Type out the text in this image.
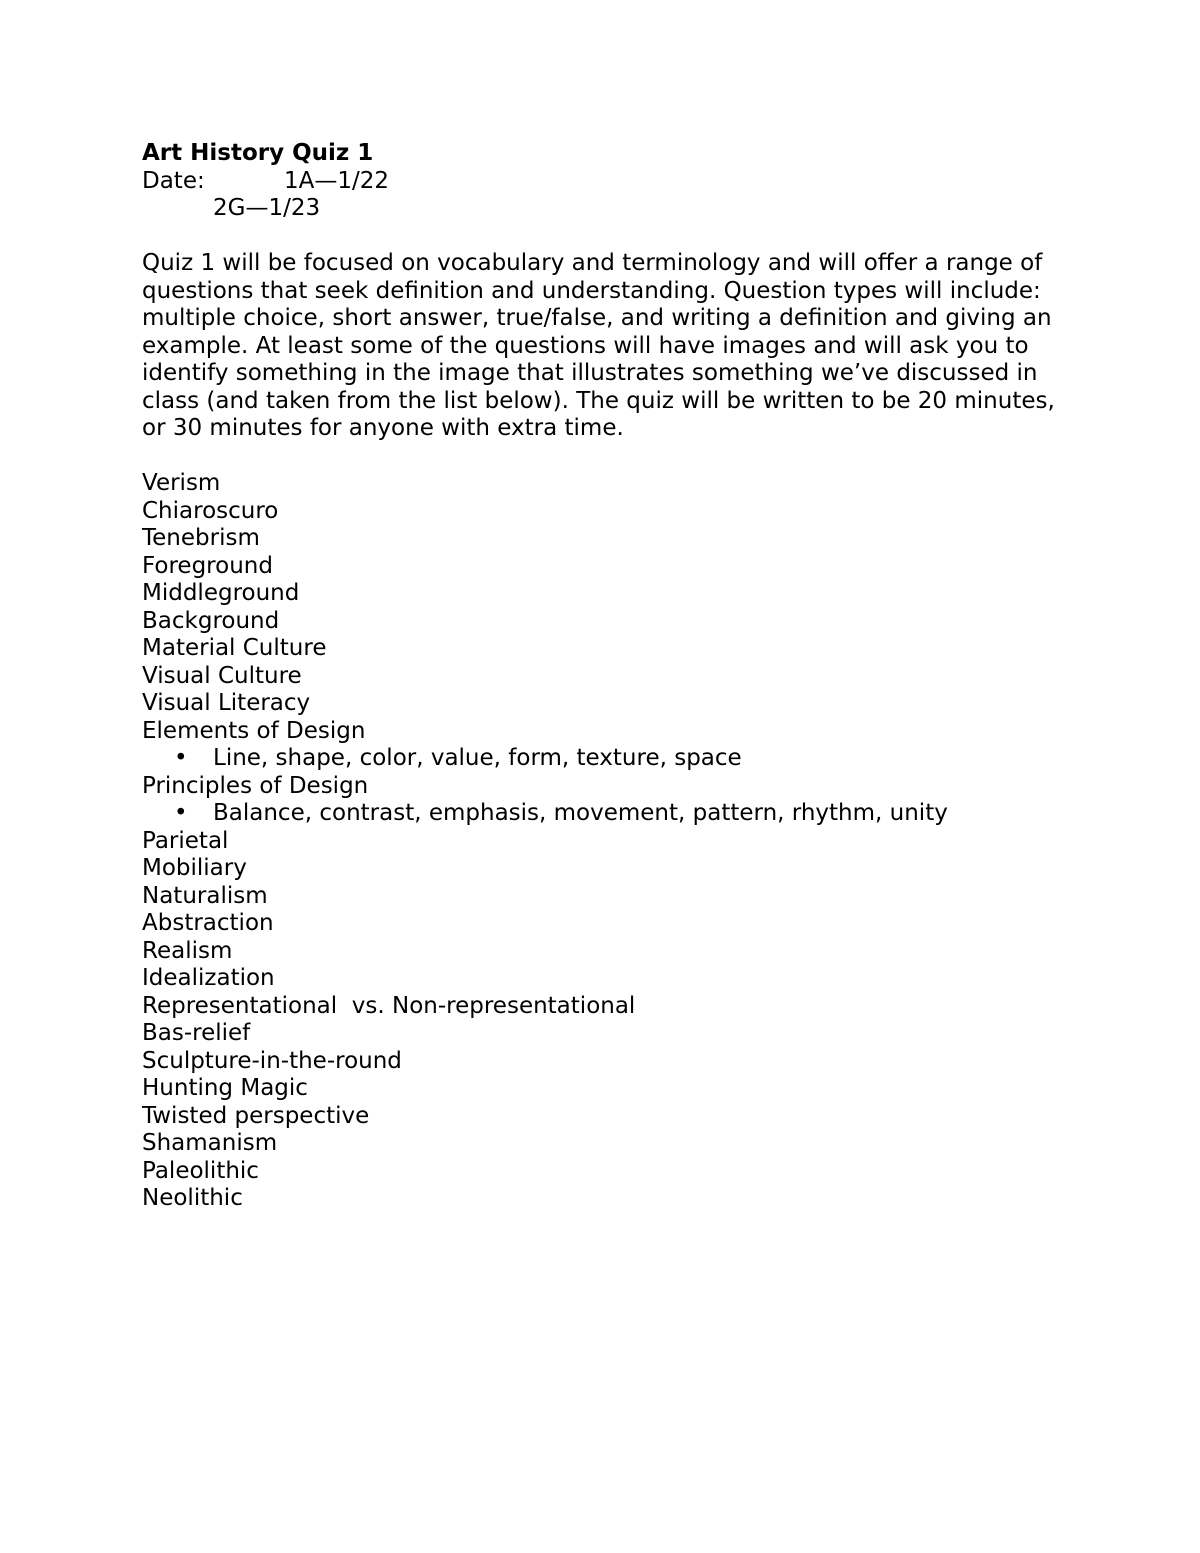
Art History Quiz 1
Date:	1A—1/22
2G—1/23

Quiz 1 will be focused on vocabulary and terminology and will offer a range of questions that seek definition and understanding. Question types will include: multiple choice, short answer, true/false, and writing a definition and giving an example. At least some of the questions will have images and will ask you to identify something in the image that illustrates something we’ve discussed in class (and taken from the list below). The quiz will be written to be 20 minutes, or 30 minutes for anyone with extra time.

Verism
Chiaroscuro
Tenebrism
Foreground
Middleground
Background
Material Culture
Visual Culture
Visual Literacy
Elements of Design
• Line, shape, color, value, form, texture, space
Principles of Design
• Balance, contrast, emphasis, movement, pattern, rhythm, unity
Parietal
Mobiliary
Naturalism
Abstraction
Realism
Idealization
Representational  vs. Non-representational
Bas-relief
Sculpture-in-the-round
Hunting Magic
Twisted perspective
Shamanism
Paleolithic
Neolithic
